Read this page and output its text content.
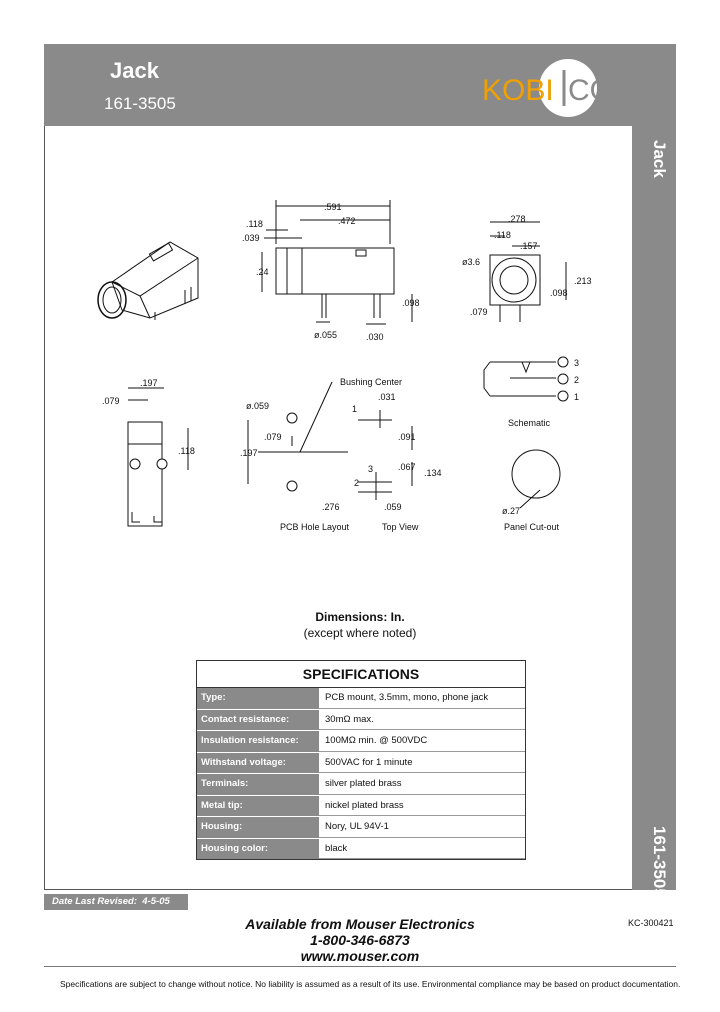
Jack
161-3505	KOBI CONN
Jack
161-3505
.591
.118	.472
.039
.24
.098
ø.055	.030
.278
.118
.157
ø3.6
.213
.098
.079
.197
.079
.118
Bushing Center
ø.059
.031
.079	.091
.197
.067
.134
.276	.059
1
2
3
3
2
1
Schematic
ø.27
Panel Cut-out
PCB Hole Layout	Top View
Dimensions: In.
(except where noted)
SPECIFICATIONS
Type:	PCB mount, 3.5mm, mono, phone jack
Contact resistance:	30mΩ max.
Insulation resistance:	100MΩ min. @ 500VDC
Withstand voltage:	500VAC for 1 minute
Terminals:	silver plated brass
Metal tip:	nickel plated brass
Housing:	Nory, UL 94V-1
Housing color:	black
Date Last Revised: 4-5-05
Available from Mouser Electronics
1-800-346-6873
www.mouser.com
KC-300421
Specifications are subject to change without notice. No liability is assumed as a result of its use. Environmental compliance may be based on product documentation.
